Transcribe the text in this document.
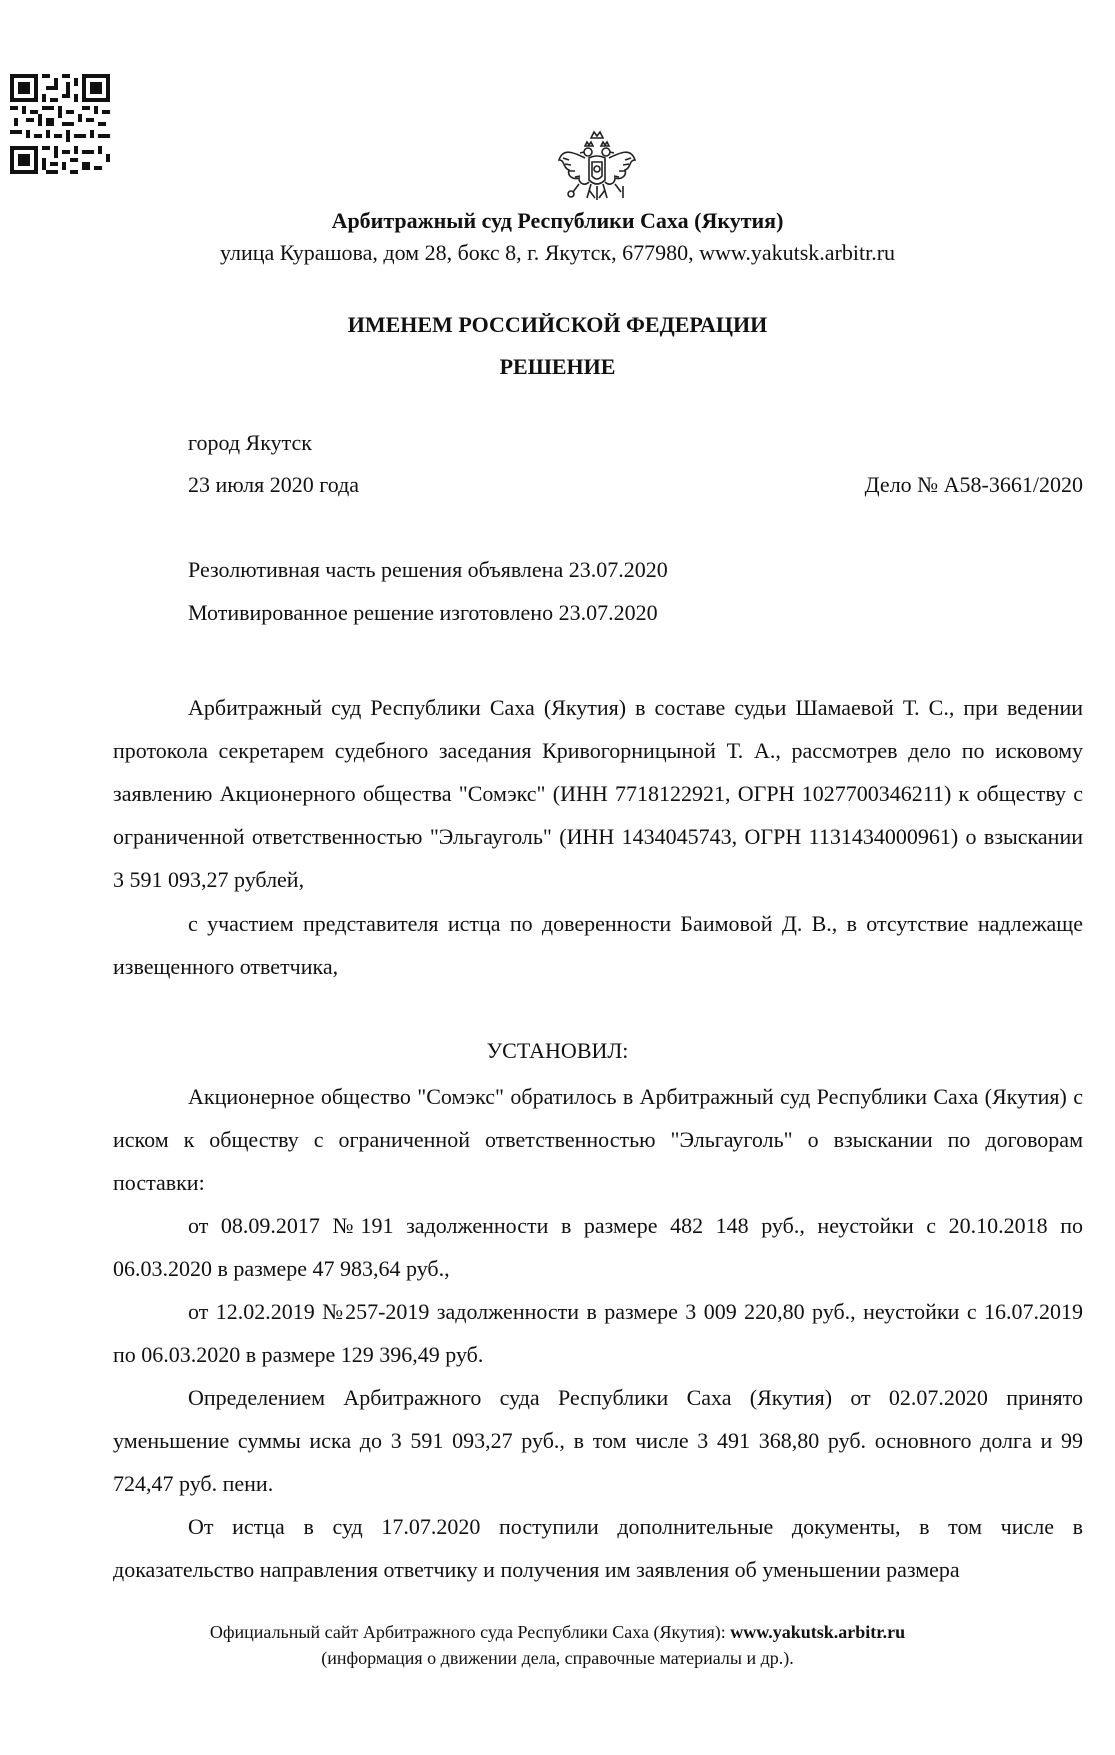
Арбитражный суд Республики Саха (Якутия)
улица Курашова, дом 28, бокс 8, г. Якутск, 677980, www.yakutsk.arbitr.ru
ИМЕНЕМ РОССИЙСКОЙ ФЕДЕРАЦИИ
РЕШЕНИЕ
город Якутск
23 июля 2020 года	Дело № А58-3661/2020
Резолютивная часть решения объявлена 23.07.2020
Мотивированное решение изготовлено 23.07.2020
Арбитражный суд Республики Саха (Якутия) в составе судьи Шамаевой Т. С., при ведении протокола секретарем судебного заседания Кривогорницыной Т. А., рассмотрев дело по исковому заявлению Акционерного общества "Сомэкс" (ИНН 7718122921, ОГРН 1027700346211) к обществу с ограниченной ответственностью "Эльгауголь" (ИНН 1434045743, ОГРН 1131434000961) о взыскании 3 591 093,27 рублей,
с участием представителя истца по доверенности Баимовой Д. В., в отсутствие надлежаще извещенного ответчика,
УСТАНОВИЛ:
Акционерное общество "Сомэкс" обратилось в Арбитражный суд Республики Саха (Якутия) с иском к обществу с ограниченной ответственностью "Эльгауголь" о взыскании по договорам поставки:
от 08.09.2017 №191 задолженности в размере 482 148 руб., неустойки с 20.10.2018 по 06.03.2020 в размере 47 983,64 руб.,
от 12.02.2019 №257-2019 задолженности в размере 3 009 220,80 руб., неустойки с 16.07.2019 по 06.03.2020 в размере 129 396,49 руб.
Определением Арбитражного суда Республики Саха (Якутия) от 02.07.2020 принято уменьшение суммы иска до 3 591 093,27 руб., в том числе 3 491 368,80 руб. основного долга и 99 724,47 руб. пени.
От истца в суд 17.07.2020 поступили дополнительные документы, в том числе в доказательство направления ответчику и получения им заявления об уменьшении размера
Официальный сайт Арбитражного суда Республики Саха (Якутия): www.yakutsk.arbitr.ru
(информация о движении дела, справочные материалы и др.).
